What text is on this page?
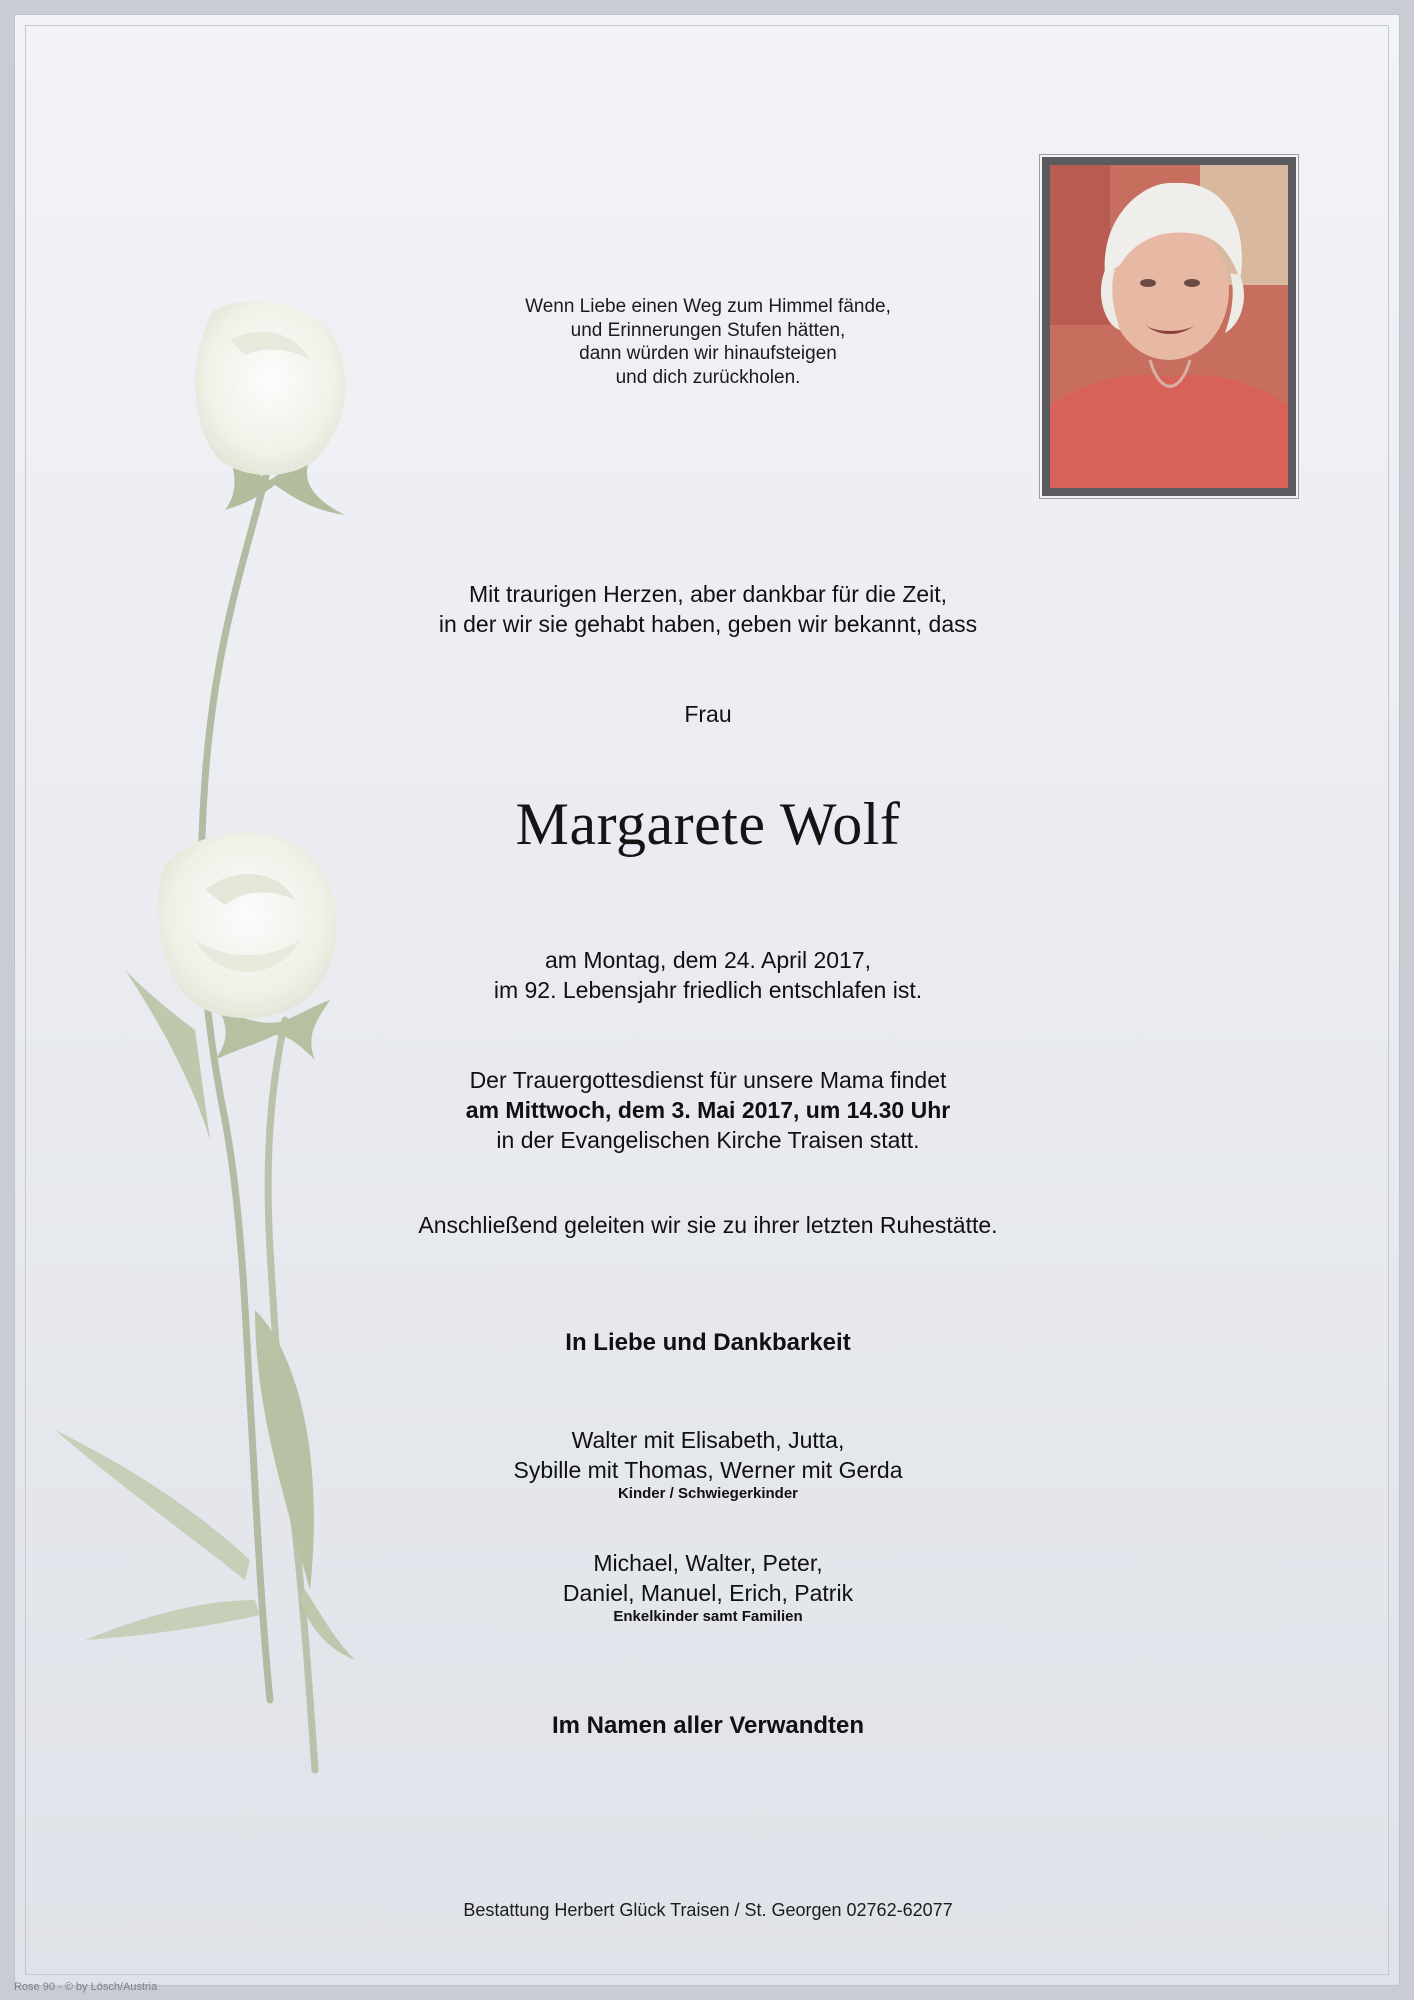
Wenn Liebe einen Weg zum Himmel fände,
und Erinnerungen Stufen hätten,
dann würden wir hinaufsteigen
und dich zurückholen.
Mit traurigen Herzen, aber dankbar für die Zeit,
in der wir sie gehabt haben, geben wir bekannt, dass
Frau
Margarete Wolf
am Montag, dem 24. April 2017,
im 92. Lebensjahr friedlich entschlafen ist.
Der Trauergottesdienst für unsere Mama findet
am Mittwoch, dem 3. Mai 2017, um 14.30 Uhr
in der Evangelischen Kirche Traisen statt.
Anschließend geleiten wir sie zu ihrer letzten Ruhestätte.
In Liebe und Dankbarkeit
Walter mit Elisabeth, Jutta,
Sybille mit Thomas, Werner mit Gerda
Kinder / Schwiegerkinder
Michael, Walter, Peter,
Daniel, Manuel, Erich, Patrik
Enkelkinder samt Familien
Im Namen aller Verwandten
Bestattung Herbert Glück Traisen / St. Georgen 02762-62077
Rose 90 - © by Lösch/Austria
